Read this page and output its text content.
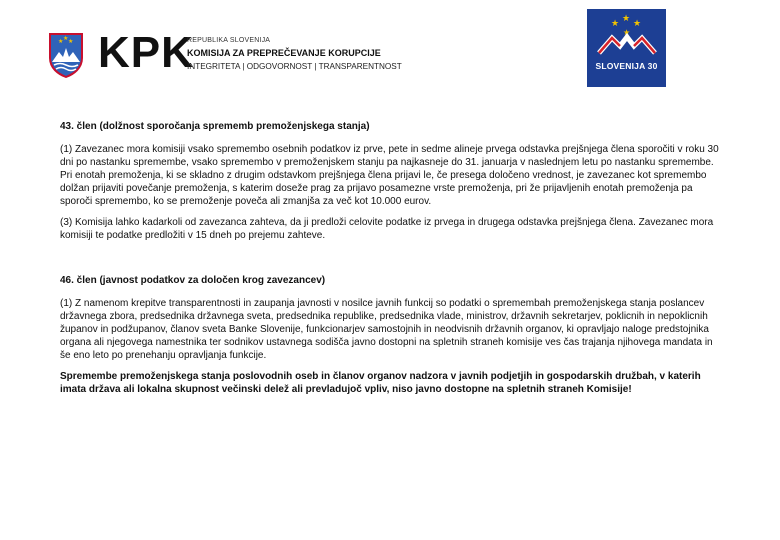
★ ★
★ KPK
REPUBLIKA SLOVENIJA
KOMISIJA ZA PREPREČEVANJE KORUPCIJE
INTEGRITETA | ODGOVORNOST | TRANSPARENTNOST
★ ★ ★
★
SLOVENIJA 30
43. člen (dolžnost sporočanja sprememb premoženjskega stanja)

(1) Zavezanec mora komisiji vsako spremembo osebnih podatkov iz prve, pete in sedme alineje prvega odstavka prejšnjega člena sporočiti v roku 30 dni po nastanku spremembe, vsako spremembo v premoženjskem stanju pa najkasneje do 31. januarja v naslednjem letu po nastanku spremembe. Pri enotah premoženja, ki se skladno z drugim odstavkom prejšnjega člena prijavi le, če presega določeno vrednost, je zavezanec kot spremembo dolžan prijaviti povečanje premoženja, s katerim doseže prag za prijavo posamezne vrste premoženja, pri že prijavljenih enotah premoženja pa sporoči spremembo, ko se premoženje poveča ali zmanjša za več kot 10.000 eurov.

(3) Komisija lahko kadarkoli od zavezanca zahteva, da ji predloži celovite podatke iz prvega in drugega odstavka prejšnjega člena. Zavezanec mora komisiji te podatke predložiti v 15 dneh po prejemu zahteve.

46. člen (javnost podatkov za določen krog zavezancev)

(1) Z namenom krepitve transparentnosti in zaupanja javnosti v nosilce javnih funkcij so podatki o spremembah premoženjskega stanja poslancev državnega zbora, predsednika državnega sveta, predsednika republike, predsednika vlade, ministrov, državnih sekretarjev, poklicnih in nepoklicnih županov in podžupanov, članov sveta Banke Slovenije, funkcionarjev samostojnih in neodvisnih državnih organov, ki opravljajo naloge predstojnika organa ali njegovega namestnika ter sodnikov ustavnega sodišča javno dostopni na spletnih straneh komisije ves čas trajanja njihovega mandata in še eno leto po prenehanju opravljanja funkcije.

Spremembe premoženjskega stanja poslovodnih oseb in članov organov nadzora v javnih podjetjih in gospodarskih družbah, v katerih imata država ali lokalna skupnost večinski delež ali prevladujoč vpliv, niso javno dostopne na spletnih straneh Komisije!
